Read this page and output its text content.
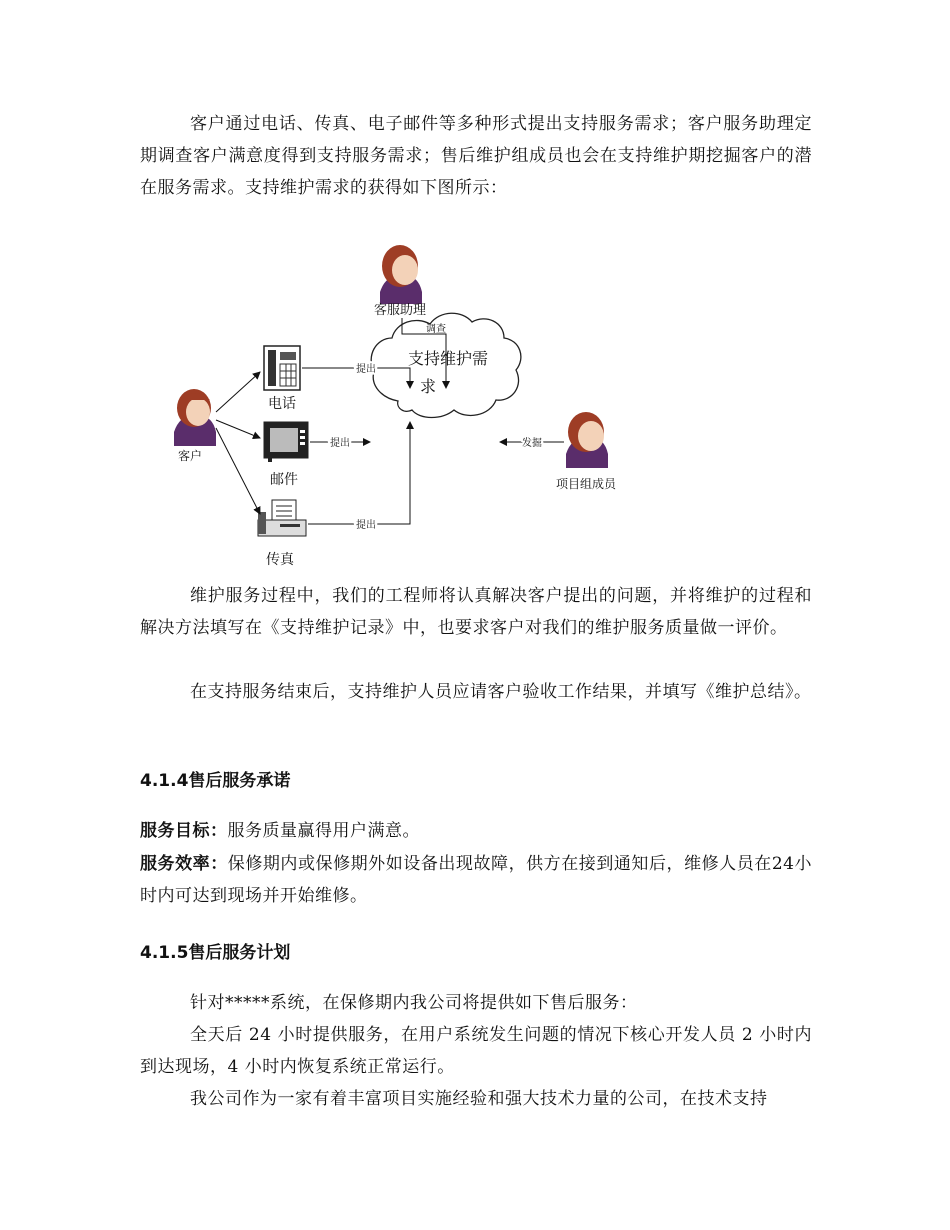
客户通过电话、传真、电子邮件等多种形式提出支持服务需求；客户服务助理定期调查客户满意度得到支持服务需求；售后维护组成员也会在支持维护期挖掘客户的潜在服务需求。支持维护需求的获得如下图所示：

支持维护需
求
客户
客服助理
项目组成员
电话
邮件
传真
提出
提出
提出
调查
发掘

维护服务过程中，我们的工程师将认真解决客户提出的问题，并将维护的过程和解决方法填写在《支持维护记录》中，也要求客户对我们的维护服务质量做一评价。

在支持服务结束后，支持维护人员应请客户验收工作结果，并填写《维护总结》。

4.1.4售后服务承诺

服务目标：服务质量赢得用户满意。

服务效率：保修期内或保修期外如设备出现故障，供方在接到通知后，维修人员在24小时内可达到现场并开始维修。

4.1.5售后服务计划

针对*****系统，在保修期内我公司将提供如下售后服务：

全天后 24 小时提供服务，在用户系统发生问题的情况下核心开发人员 2 小时内到达现场，4 小时内恢复系统正常运行。

我公司作为一家有着丰富项目实施经验和强大技术力量的公司，在技术支持
